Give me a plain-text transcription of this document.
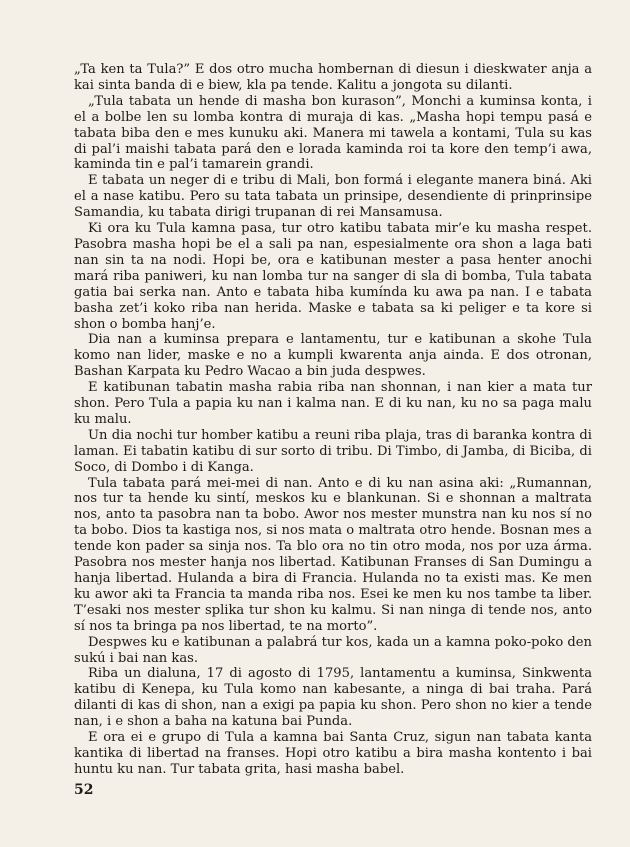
„Ta ken ta Tula?” E dos otro mucha hombernan di diesun i dieskwater anja a kai sinta banda di e biew, kla pa tende. Kalitu a jongota su dilanti.

„Tula tabata un hende di masha bon kurason”, Monchi a kuminsa konta, i el a bolbe len su lomba kontra di muraja di kas. „Masha hopi tempu pasá e tabata biba den e mes kunuku aki. Manera mi tawela a kontami, Tula su kas di pal’i maishi tabata pará den e lorada kaminda roi ta kore den temp’i awa, kaminda tin e pal’i tamarein grandi.

E tabata un neger di e tribu di Mali, bon formá i elegante manera biná. Aki el a nase katibu. Pero su tata tabata un prinsipe, desendiente di prinprinsipe Samandia, ku tabata dirigi trupanan di rei Mansamusa.

Ki ora ku Tula kamna pasa, tur otro katibu tabata mir’e ku masha respet. Pasobra masha hopi be el a sali pa nan, espesialmente ora shon a laga bati nan sin ta na nodi. Hopi be, ora e katibunan mester a pasa henter anochi mará riba paniweri, ku nan lomba tur na sanger di sla di bomba, Tula tabata gatia bai serka nan. Anto e tabata hiba kumínda ku awa pa nan. I e tabata basha zet’i koko riba nan herida. Maske e tabata sa ki peliger e ta kore si shon o bomba hanj’e.

Dia nan a kuminsa prepara e lantamentu, tur e katibunan a skohe Tula komo nan lider, maske e no a kumpli kwarenta anja ainda. E dos otronan, Bashan Karpata ku Pedro Wacao a bin juda despwes.

E katibunan tabatin masha rabia riba nan shonnan, i nan kier a mata tur shon. Pero Tula a papia ku nan i kalma nan. E di ku nan, ku no sa paga malu ku malu.

Un dia nochi tur homber katibu a reuni riba plaja, tras di baranka kontra di laman. Ei tabatin katibu di sur sorto di tribu. Di Timbo, di Jamba, di Biciba, di Soco, di Dombo i di Kanga.

Tula tabata pará mei-mei di nan. Anto e di ku nan asina aki: „Rumannan, nos tur ta hende ku sintí, meskos ku e blankunan. Si e shonnan a maltrata nos, anto ta pasobra nan ta bobo. Awor nos mester munstra nan ku nos sí no ta bobo. Dios ta kastiga nos, si nos mata o maltrata otro hende. Bosnan mes a tende kon pader sa sinja nos. Ta blo ora no tin otro moda, nos por uza árma. Pasobra nos mester hanja nos libertad. Katibunan Franses di San Dumingu a hanja libertad. Hulanda a bira di Francia. Hulanda no ta existi mas. Ke men ku awor aki ta Francia ta manda riba nos. Esei ke men ku nos tambe ta liber. T’esaki nos mester splika tur shon ku kalmu. Si nan ninga di tende nos, anto sí nos ta bringa pa nos libertad, te na morto”.

Despwes ku e katibunan a palabrá tur kos, kada un a kamna poko-poko den sukú i bai nan kas.

Riba un dialuna, 17 di agosto di 1795, lantamentu a kuminsa, Sinkwenta katibu di Kenepa, ku Tula komo nan kabesante, a ninga di bai traha. Pará dilanti di kas di shon, nan a exigi pa papia ku shon. Pero shon no kier a tende nan, i e shon a baha na katuna bai Punda.

E ora ei e grupo di Tula a kamna bai Santa Cruz, sigun nan tabata kanta kantika di libertad na franses. Hopi otro katibu a bira masha kontento i bai huntu ku nan. Tur tabata grita, hasi masha babel.

52
